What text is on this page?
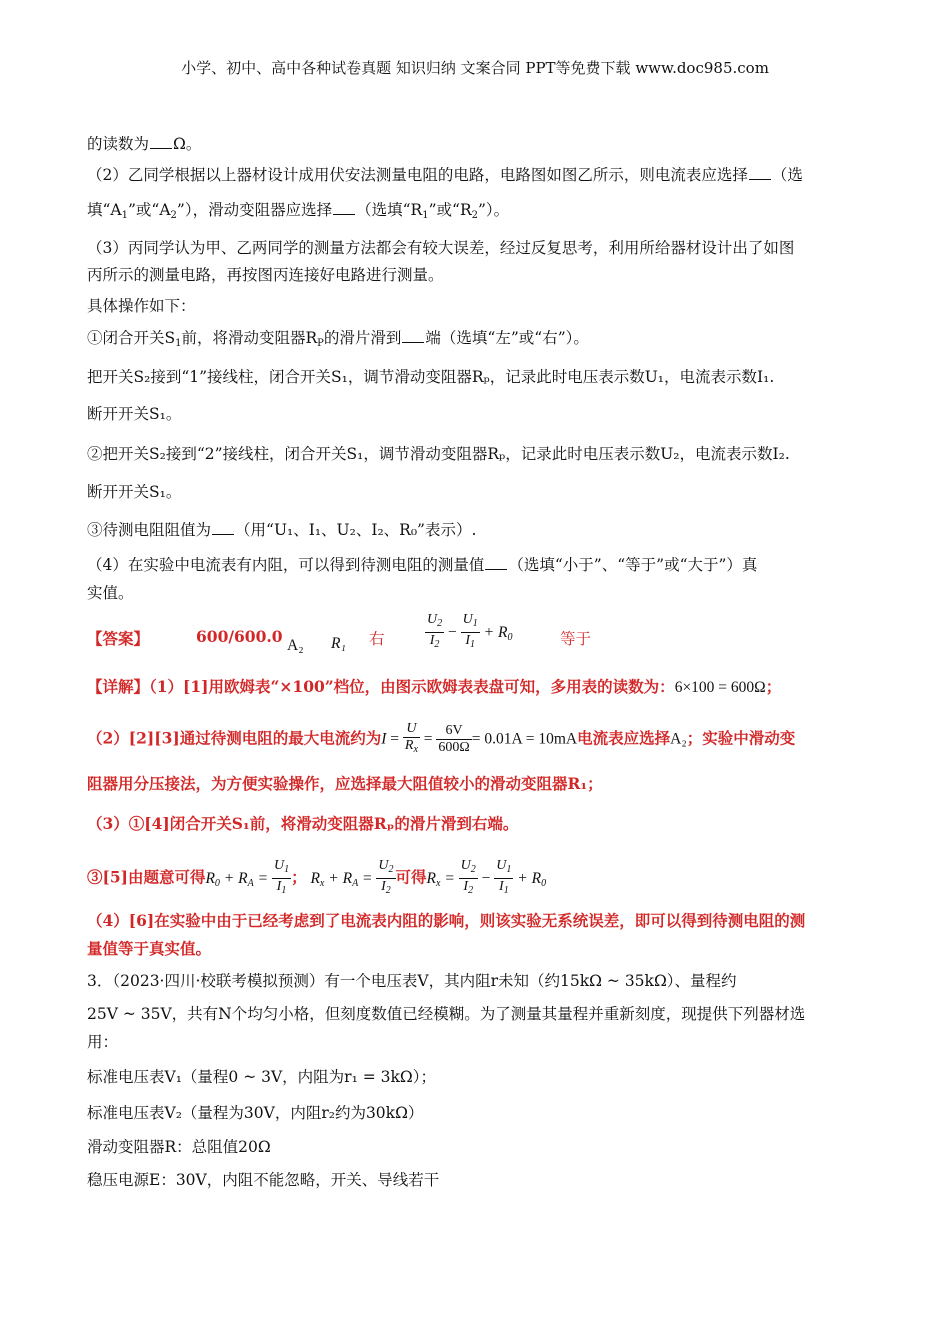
小学、初中、高中各种试卷真题 知识归纳 文案合同 PPT等免费下载 www.doc985.com
的读数为 Ω。
（2）乙同学根据以上器材设计成用伏安法测量电阻的电路，电路图如图乙所示，则电流表应选择 （选
填“$A_1$”或“$A_2$”），滑动变阻器应选择 （选填“$R_1$”或“$R_2$”）。
（3）丙同学认为甲、乙两同学的测量方法都会有较大误差，经过反复思考，利用所给器材设计出了如图
丙所示的测量电路，再按图丙连接好电路进行测量。
具体操作如下：
①闭合开关$S_1$前，将滑动变阻器$R_P$的滑片滑到 端（选填“左”或“右”）。
把开关S₂接到“1”接线柱，闭合开关S₁，调节滑动变阻器Rₚ，记录此时电压表示数U₁，电流表示数I₁.
断开开关S₁。
②把开关S₂接到“2”接线柱，闭合开关S₁，调节滑动变阻器Rₚ，记录此时电压表示数U₂，电流表示数I₂.
断开开关S₁。
③待测电阻阻值为 （用“U₁、I₁、U₂、I₂、R₀”表示）.
（4）在实验中电流表有内阻，可以得到待测电阻的测量值 （选填“小于”、“等于”或“大于”）真
实值。
【答案】	600/600.0 A₂ R₁ 右	$\frac{U_2}{I_2} - \frac{U_1}{I_1} + R_0$	等于
【详解】（1）[1]用欧姆表“×100”档位，由图示欧姆表表盘可知，多用表的读数为：6×100 = 600Ω；
（2）[2][3]通过待测电阻的最大电流约为$I = \frac{U}{R_x} = \frac{6V}{600\Omega} = 0.01A = 10mA$电流表应选择A₂；实验中滑动变
阻器用分压接法，为方便实验操作，应选择最大阻值较小的滑动变阻器R₁；
（3）①[4]闭合开关S₁前，将滑动变阻器Rₚ的滑片滑到右端。
③[5]由题意可得$R_0 + R_A = \frac{U_1}{I_1}$ ； $R_x + R_A = \frac{U_2}{I_2}$ 可得$R_x = \frac{U_2}{I_2} - \frac{U_1}{I_1} + R_0$
（4）[6]在实验中由于已经考虑到了电流表内阻的影响，则该实验无系统误差，即可以得到待测电阻的测
量值等于真实值。
3．（2023·四川·校联考模拟预测）有一个电压表V，其内阻r未知（约15kΩ ~ 35kΩ）、量程约
25V ~ 35V，共有N个均匀小格，但刻度数值已经模糊。为了测量其量程并重新刻度，现提供下列器材选
用：
标准电压表V₁（量程0 ~ 3V，内阻为r₁ = 3kΩ）；
标准电压表V₂（量程为30V，内阻r₂约为30kΩ）
滑动变阻器R：总阻值20Ω
稳压电源E：30V，内阻不能忽略，开关、导线若干
